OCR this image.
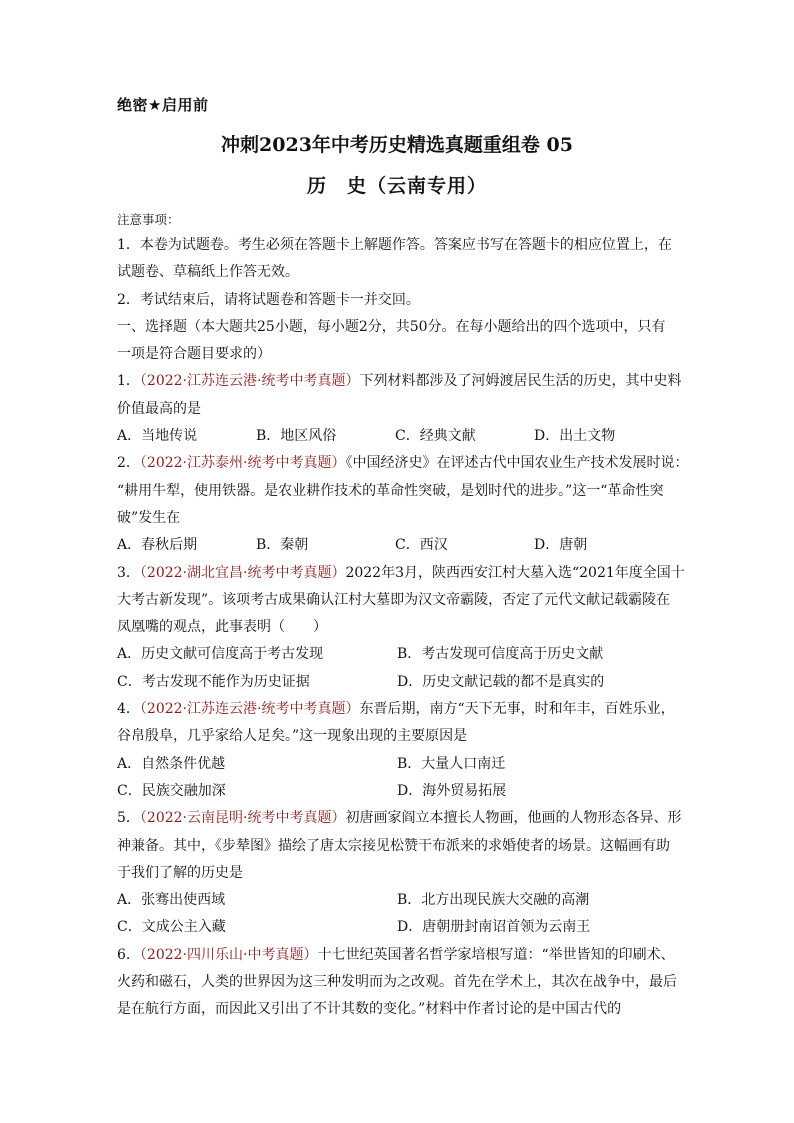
绝密★启用前
冲刺2023年中考历史精选真题重组卷 05
历　史（云南专用）
注意事项：
1．本卷为试题卷。考生必须在答题卡上解题作答。答案应书写在答题卡的相应位置上，在
试题卷、草稿纸上作答无效。
2．考试结束后，请将试题卷和答题卡一并交回。
一、选择题（本大题共25小题，每小题2分，共50分。在每小题给出的四个选项中，只有
一项是符合题目要求的）
1．（2022·江苏连云港·统考中考真题）下列材料都涉及了河姆渡居民生活的历史，其中史料
价值最高的是
A．当地传说	B．地区风俗	C．经典文献	D．出土文物
2．（2022·江苏泰州·统考中考真题）《中国经济史》在评述古代中国农业生产技术发展时说：
“耕用牛犁，使用铁器。是农业耕作技术的革命性突破，是划时代的进步。”这一“革命性突
破”发生在
A．春秋后期	B．秦朝	C．西汉	D．唐朝
3．（2022·湖北宜昌·统考中考真题）2022年3月，陕西西安江村大墓入选“2021年度全国十
大考古新发现”。该项考古成果确认江村大墓即为汉文帝霸陵，否定了元代文献记载霸陵在
凤凰嘴的观点，此事表明（　　）
A．历史文献可信度高于考古发现	B．考古发现可信度高于历史文献
C．考古发现不能作为历史证据	D．历史文献记载的都不是真实的
4．（2022·江苏连云港·统考中考真题）东晋后期，南方“天下无事，时和年丰，百姓乐业，
谷帛殷阜，几乎家给人足矣。”这一现象出现的主要原因是
A．自然条件优越	B．大量人口南迁
C．民族交融加深	D．海外贸易拓展
5．（2022·云南昆明·统考中考真题）初唐画家阎立本擅长人物画，他画的人物形态各异、形
神兼备。其中，《步辇图》描绘了唐太宗接见松赞干布派来的求婚使者的场景。这幅画有助
于我们了解的历史是
A．张骞出使西域	B．北方出现民族大交融的高潮
C．文成公主入藏	D．唐朝册封南诏首领为云南王
6．（2022·四川乐山·中考真题）十七世纪英国著名哲学家培根写道：“举世皆知的印刷术、
火药和磁石，人类的世界因为这三种发明而为之改观。首先在学术上，其次在战争中，最后
是在航行方面，而因此又引出了不计其数的变化。”材料中作者讨论的是中国古代的
